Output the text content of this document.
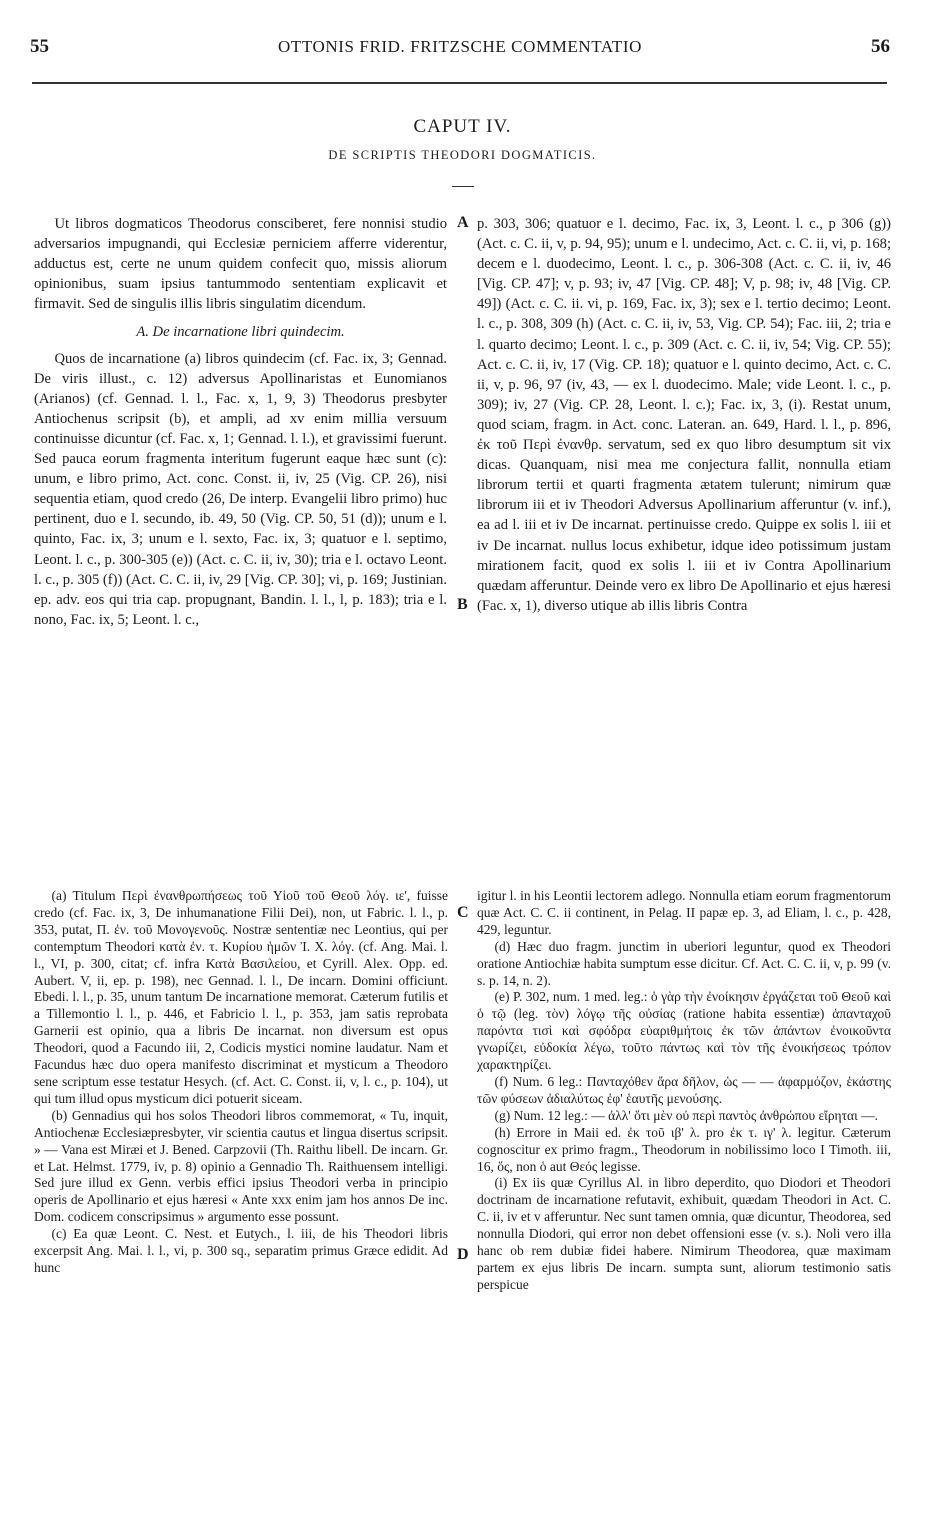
55	OTTONIS FRID. FRITZSCHE COMMENTATIO	56
CAPUT IV.
DE SCRIPTIS THEODORI DOGMATICIS.

Ut libros dogmaticos Theodorus consciberet, fere nonnisi studio adversarios impugnandi, qui Ecclesiæ perniciem afferre viderentur, adductus est, certe ne unum quidem confecit quo, missis aliorum opinionibus, suam ipsius tantummodo sententiam explicavit et firmavit. Sed de singulis illis libris singulatim dicendum.

A. De incarnatione libri quindecim.

Quos de incarnatione (a) libros quindecim (cf. Fac. ix, 3; Gennad. De viris illust., c. 12) adversus Apollinaristas et Eunomianos (Arianos) (cf. Gennad. l. l., Fac. x, 1, 9, 3) Theodorus presbyter Antiochenus scripsit (b), et ampli, ad xv enim millia versuum continuisse dicuntur (cf. Fac. x, 1; Gennad. l. l.), et gravissimi fuerunt. Sed pauca eorum fragmenta interitum fugerunt eaque hæc sunt (c): unum, e libro primo, Act. conc. Const. ii, iv, 25 (Vig. CP. 26), nisi sequentia etiam, quod credo (26, De interp. Evangelii libro primo) huc pertinent, duo e l. secundo, ib. 49, 50 (Vig. CP. 50, 51 (d)); unum e l. quinto, Fac. ix, 3; unum e l. sexto, Fac. ix, 3; quatuor e l. septimo, Leont. l. c., p. 300-305 (e)) (Act. c. C. ii, iv, 30); tria e l. octavo Leont. l. c., p. 305 (f)) (Act. C. C. ii, iv, 29 [Vig. CP. 30]; vi, p. 169; Justinian. ep. adv. eos qui tria cap. propugnant, Bandin. l. l., l, p. 183); tria e l. nono, Fac. ix, 5; Leont. l. c.,

p. 303, 306; quatuor e l. decimo, Fac. ix, 3, Leont. l. c., p 306 (g)) (Act. c. C. ii, v, p. 94, 95); unum e l. undecimo, Act. c. C. ii, vi, p. 168; decem e l. duodecimo, Leont. l. c., p. 306-308 (Act. c. C. ii, iv, 46 [Vig. CP. 47]; v, p. 93; iv, 47 [Vig. CP. 48]; V, p. 98; iv, 48 [Vig. CP. 49]) (Act. c. C. ii. vi, p. 169, Fac. ix, 3); sex e l. tertio decimo; Leont. l. c., p. 308, 309 (h) (Act. c. C. ii, iv, 53, Vig. CP. 54); Fac. iii, 2; tria e l. quarto decimo; Leont. l. c., p. 309 (Act. c. C. ii, iv, 54; Vig. CP. 55); Act. c. C. ii, iv, 17 (Vig. CP. 18); quatuor e l. quinto decimo, Act. c. C. ii, v, p. 96, 97 (iv, 43, — ex l. duodecimo. Male; vide Leont. l. c., p. 309); iv, 27 (Vig. CP. 28, Leont. l. c.); Fac. ix, 3, (i). Restat unum, quod sciam, fragm. in Act. conc. Lateran. an. 649, Hard. l. l., p. 896, ἐκ τοῦ Περὶ ἐνανθρ. servatum, sed ex quo libro desumptum sit vix dicas. Quanquam, nisi mea me conjectura fallit, nonnulla etiam librorum tertii et quarti fragmenta ætatem tulerunt; nimirum quæ librorum iii et iv Theodori Adversus Apollinarium afferuntur (v. inf.), ea ad l. iii et iv De incarnat. pertinuisse credo. Quippe ex solis l. iii et iv De incarnat. nullus locus exhibetur, idque ideo potissimum justam mirationem facit, quod ex solis l. iii et iv Contra Apollinarium quædam afferuntur. Deinde vero ex libro De Apollinario et ejus hæresi (Fac. x, 1), diverso utique ab illis libris Contra

A
B
C
D

(a) Titulum Περὶ ἐνανθρωπήσεως τοῦ Υἱοῦ τοῦ Θεοῦ λόγ. ιε', fuisse credo (cf. Fac. ix, 3, De inhumanatione Filii Dei), non, ut Fabric. l. l., p. 353, putat, Π. ἐν. τοῦ Μονογενοῦς. Nostræ sententiæ nec Leontius, qui per contemptum Theodori κατὰ ἐν. τ. Κυρίου ἡμῶν Ἰ. Χ. λόγ. (cf. Ang. Mai. l. l., VI, p. 300, citat; cf. infra Κατὰ Βασιλείου, et Cyrill. Alex. Opp. ed. Aubert. V, ii, ep. p. 198), nec Gennad. l. l., De incarn. Domini officiunt. Ebedi. l. l., p. 35, unum tantum De incarnatione memorat. Cæterum futilis et a Tillemontio l. l., p. 446, et Fabricio l. l., p. 353, jam satis reprobata Garnerii est opinio, qua a libris De incarnat. non diversum est opus Theodori, quod a Facundo iii, 2, Codicis mystici nomine laudatur. Nam et Facundus hæc duo opera manifesto discriminat et mysticum a Theodoro sene scriptum esse testatur Hesych. (cf. Act. C. Const. ii, v, l. c., p. 104), ut qui tum illud opus mysticum dici potuerit siceam.

(b) Gennadius qui hos solos Theodori libros commemorat, « Tu, inquit, Antiochenæ Ecclesiæpresbyter, vir scientia cautus et lingua disertus scripsit. » — Vana est Miræi et J. Bened. Carpzovii (Th. Raithu libell. De incarn. Gr. et Lat. Helmst. 1779, iv, p. 8) opinio a Gennadio Th. Raithuensem intelligi. Sed jure illud ex Genn. verbis effici ipsius Theodori verba in principio operis de Apollinario et ejus hæresi « Ante xxx enim jam hos annos De inc. Dom. codicem conscripsimus » argumento esse possunt.

(c) Ea quæ Leont. C. Nest. et Eutych., l. iii, de his Theodori libris excerpsit Ang. Mai. l. l., vi, p. 300 sq., separatim primus Græce edidit. Ad hunc

igitur l. in his Leontii lectorem adlego. Nonnulla etiam eorum fragmentorum quæ Act. C. C. ii continent, in Pelag. II papæ ep. 3, ad Eliam, l. c., p. 428, 429, leguntur.

(d) Hæc duo fragm. junctim in uberiori leguntur, quod ex Theodori oratione Antiochiæ habita sumptum esse dicitur. Cf. Act. C. C. ii, v, p. 99 (v. s. p. 14, n. 2).

(e) P. 302, num. 1 med. leg.: ὁ γὰρ τὴν ἐνοίκησιν ἐργάζεται τοῦ Θεοῦ καὶ ὁ τῷ (leg. τὸν) λόγῳ τῆς οὐσίας (ratione habita essentiæ) ἁπανταχοῦ παρόντα τισὶ καὶ σφόδρα εὐαριθμήτοις ἐκ τῶν ἁπάντων ἐνοικοῦντα γνωρίζει, εὐδοκία λέγω, τοῦτο πάντως καὶ τὸν τῆς ἐνοικήσεως τρόπον χαρακτηρίζει.

(f) Num. 6 leg.: Πανταχόθεν ἄρα δῆλον, ὡς — — ἀφαρμόζον, ἑκάστης τῶν φύσεων ἀδιαλύτως ἐφ' ἑαυτῆς μενούσης.

(g) Num. 12 leg.: — ἀλλ' ὅτι μὲν οὐ περὶ παντὸς ἀνθρώπου εἴρηται —.

(h) Errore in Maii ed. ἐκ τοῦ ιβ' λ. pro ἐκ τ. ιγ' λ. legitur. Cæterum cognoscitur ex primo fragm., Theodorum in nobilissimo loco I Timoth. iii, 16, ὅς, non ὁ aut Θεός legisse.

(i) Ex iis quæ Cyrillus Al. in libro deperdito, quo Diodori et Theodori doctrinam de incarnatione refutavit, exhibuit, quædam Theodori in Act. C. C. ii, iv et v afferuntur. Nec sunt tamen omnia, quæ dicuntur, Theodorea, sed nonnulla Diodori, qui error non debet offensioni esse (v. s.). Noli vero illa hanc ob rem dubiæ fidei habere. Nimirum Theodorea, quæ maximam partem ex ejus libris De incarn. sumpta sunt, aliorum testimonio satis perspicue
